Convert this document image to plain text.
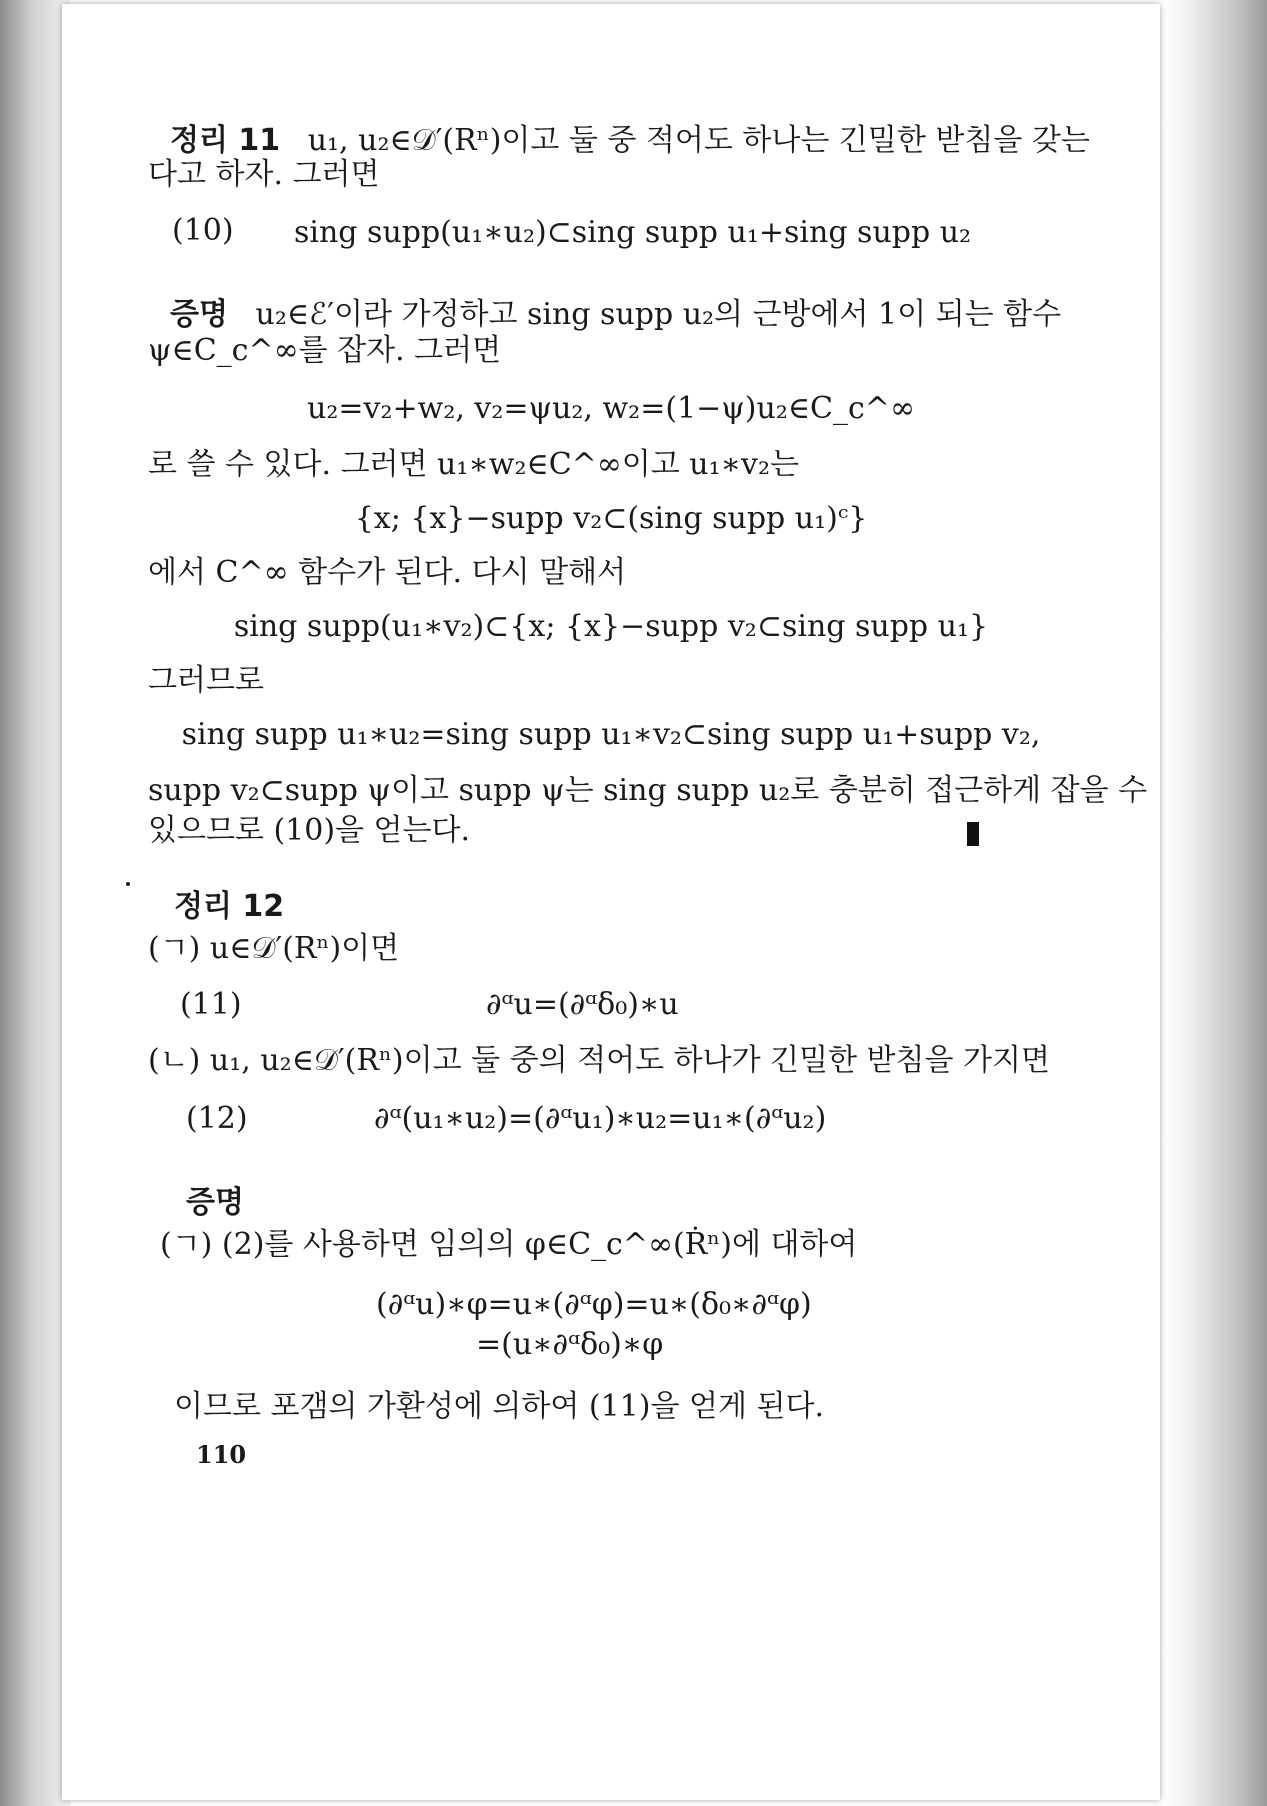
정리 11 u₁, u₂∈𝒟′(Rⁿ)이고 둘 중 적어도 하나는 긴밀한 받침을 갖는
다고 하자. 그러면
(10) sing supp(u₁∗u₂)⊂sing supp u₁+sing supp u₂
증명 u₂∈ℰ′이라 가정하고 sing supp u₂의 근방에서 1이 되는 함수
ψ∈C_c^∞를 잡자. 그러면
u₂=v₂+w₂, v₂=ψu₂, w₂=(1−ψ)u₂∈C_c^∞
로 쓸 수 있다. 그러면 u₁∗w₂∈C^∞이고 u₁∗v₂는
{x; {x}−supp v₂⊂(sing supp u₁)ᶜ}
에서 C^∞ 함수가 된다. 다시 말해서
sing supp(u₁∗v₂)⊂{x; {x}−supp v₂⊂sing supp u₁}
그러므로
sing supp u₁∗u₂=sing supp u₁∗v₂⊂sing supp u₁+supp v₂,
supp v₂⊂supp ψ이고 supp ψ는 sing supp u₂로 충분히 접근하게 잡을 수
있으므로 (10)을 얻는다.
정리 12
(ㄱ) u∈𝒟′(Rⁿ)이면
(11)	∂ᵅu=(∂ᵅδ₀)∗u
(ㄴ) u₁, u₂∈𝒟′(Rⁿ)이고 둘 중의 적어도 하나가 긴밀한 받침을 가지면
(12)	∂ᵅ(u₁∗u₂)=(∂ᵅu₁)∗u₂=u₁∗(∂ᵅu₂)
증명
(ㄱ) (2)를 사용하면 임의의 φ∈C_c^∞(Ṙⁿ)에 대하여
(∂ᵅu)∗φ=u∗(∂ᵅφ)=u∗(δ₀∗∂ᵅφ)
=(u∗∂ᵅδ₀)∗φ
이므로 포갬의 가환성에 의하여 (11)을 얻게 된다.
110
